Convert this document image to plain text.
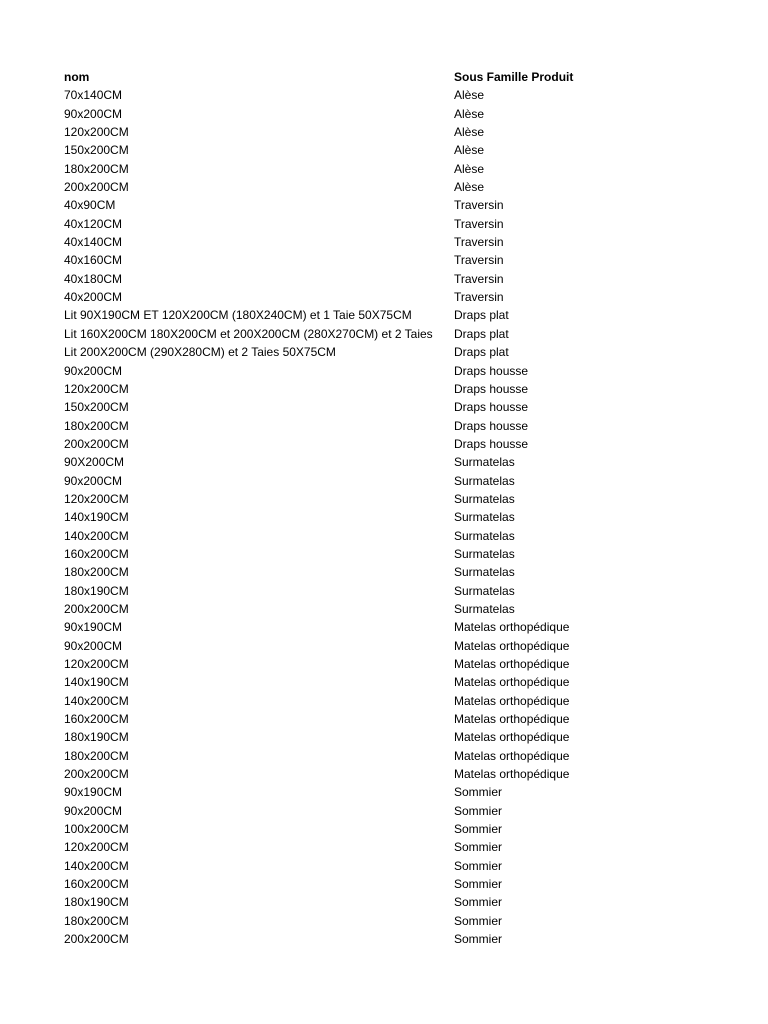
nom	Sous Famille Produit
70x140CM	Alèse
90x200CM	Alèse
120x200CM	Alèse
150x200CM	Alèse
180x200CM	Alèse
200x200CM	Alèse
40x90CM	Traversin
40x120CM	Traversin
40x140CM	Traversin
40x160CM	Traversin
40x180CM	Traversin
40x200CM	Traversin
Lit 90X190CM ET 120X200CM (180X240CM) et 1 Taie 50X75CM	Draps plat
Lit 160X200CM 180X200CM et 200X200CM (280X270CM) et 2 Taies	Draps plat
Lit 200X200CM (290X280CM) et 2 Taies 50X75CM	Draps plat
90x200CM	Draps housse
120x200CM	Draps housse
150x200CM	Draps housse
180x200CM	Draps housse
200x200CM	Draps housse
90X200CM	Surmatelas
90x200CM	Surmatelas
120x200CM	Surmatelas
140x190CM	Surmatelas
140x200CM	Surmatelas
160x200CM	Surmatelas
180x200CM	Surmatelas
180x190CM	Surmatelas
200x200CM	Surmatelas
90x190CM	Matelas orthopédique
90x200CM	Matelas orthopédique
120x200CM	Matelas orthopédique
140x190CM	Matelas orthopédique
140x200CM	Matelas orthopédique
160x200CM	Matelas orthopédique
180x190CM	Matelas orthopédique
180x200CM	Matelas orthopédique
200x200CM	Matelas orthopédique
90x190CM	Sommier
90x200CM	Sommier
100x200CM	Sommier
120x200CM	Sommier
140x200CM	Sommier
160x200CM	Sommier
180x190CM	Sommier
180x200CM	Sommier
200x200CM	Sommier
